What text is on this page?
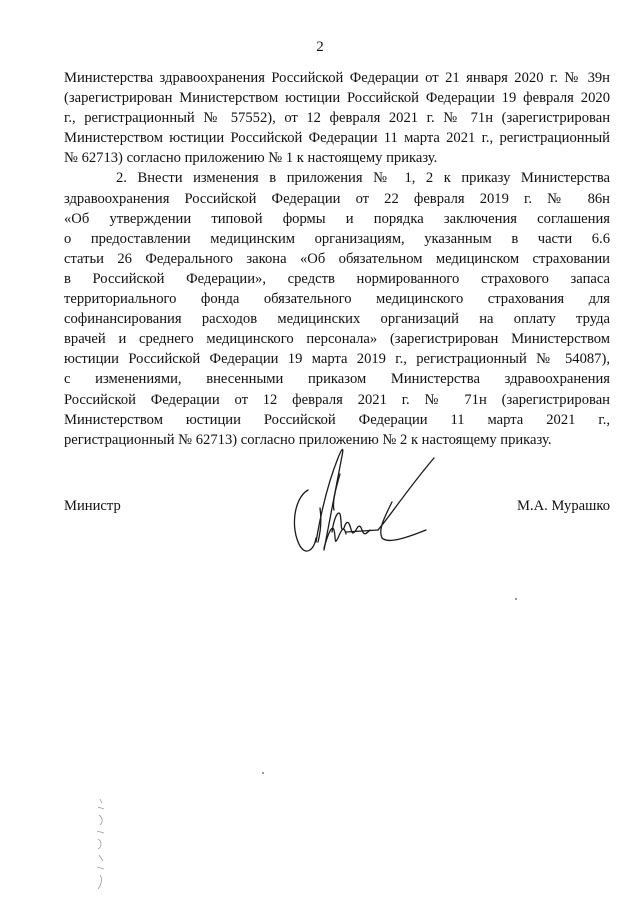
2
Министерства здравоохранения Российской Федерации от 21 января 2020 г. № 39н
(зарегистрирован Министерством юстиции Российской Федерации 19 февраля 2020
г., регистрационный № 57552), от 12 февраля 2021 г. № 71н (зарегистрирован
Министерством юстиции Российской Федерации 11 марта 2021 г., регистрационный
№ 62713) согласно приложению № 1 к настоящему приказу.
2. Внести изменения в приложения № 1, 2 к приказу Министерства
здравоохранения Российской Федерации от 22 февраля 2019 г. № 86н
«Об утверждении типовой формы и порядка заключения соглашения
о предоставлении медицинским организациям, указанным в части 6.6
статьи 26 Федерального закона «Об обязательном медицинском страховании
в Российской Федерации», средств нормированного страхового запаса
территориального фонда обязательного медицинского страхования для
софинансирования расходов медицинских организаций на оплату труда
врачей и среднего медицинского персонала» (зарегистрирован Министерством
юстиции Российской Федерации 19 марта 2019 г., регистрационный № 54087),
с изменениями, внесенными приказом Министерства здравоохранения
Российской Федерации от 12 февраля 2021 г. № 71н (зарегистрирован
Министерством юстиции Российской Федерации 11 марта 2021 г.,
регистрационный № 62713) согласно приложению № 2 к настоящему приказу.
Министр	М.А. Мурашко
